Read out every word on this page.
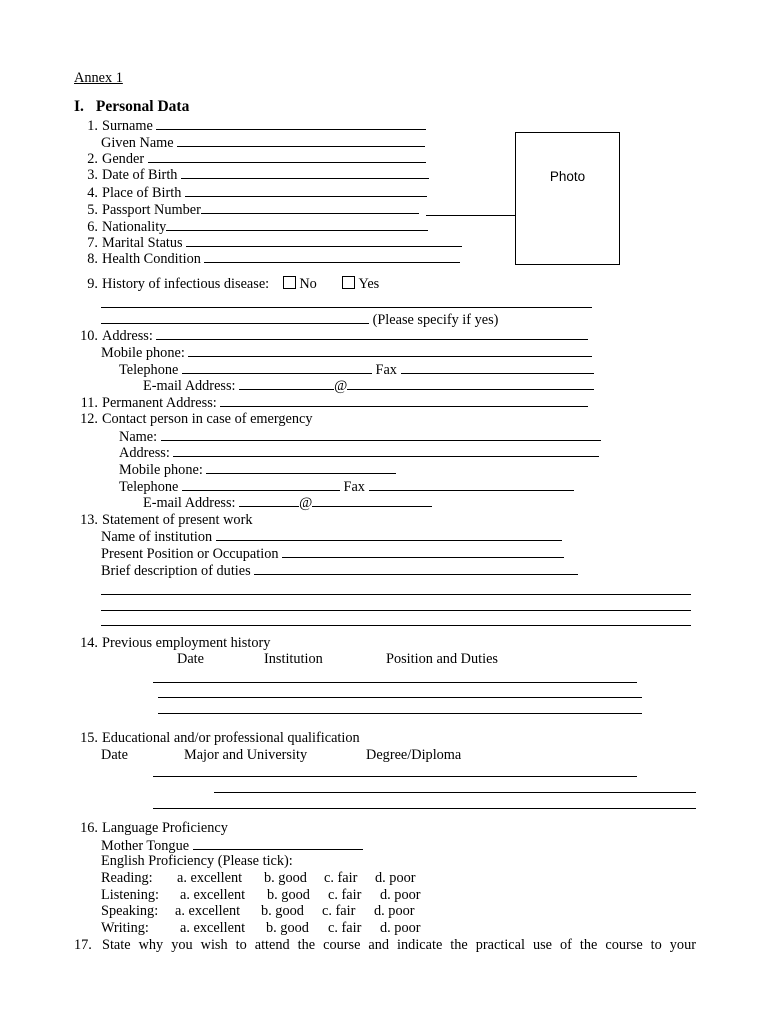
Annex 1
I. Personal Data
Photo
1. Surname
Given Name
2. Gender
3. Date of Birth
4. Place of Birth
5. Passport Number
6. Nationality
7. Marital Status
8. Health Condition
9. History of infectious disease: No	Yes
(Please specify if yes)
10. Address:
Mobile phone:
Telephone	Fax
E-mail Address:	@
11. Permanent Address:
12. Contact person in case of emergency
Name:
Address:
Mobile phone:
Telephone	Fax
E-mail Address:	@
13. Statement of present work
Name of institution
Present Position or Occupation
Brief description of duties
14. Previous employment history
Date	Institution	Position and Duties
15. Educational and/or professional qualification
Date	Major and University	Degree/Diploma
16. Language Proficiency
Mother Tongue
English Proficiency (Please tick):
Reading: a. excellent b. good c. fair d. poor
Listening: a. excellent b. good c. fair d. poor
Speaking: a. excellent b. good c. fair d. poor
Writing: a. excellent b. good c. fair d. poor
17. State why you wish to attend the course and indicate the practical use of the course to your
